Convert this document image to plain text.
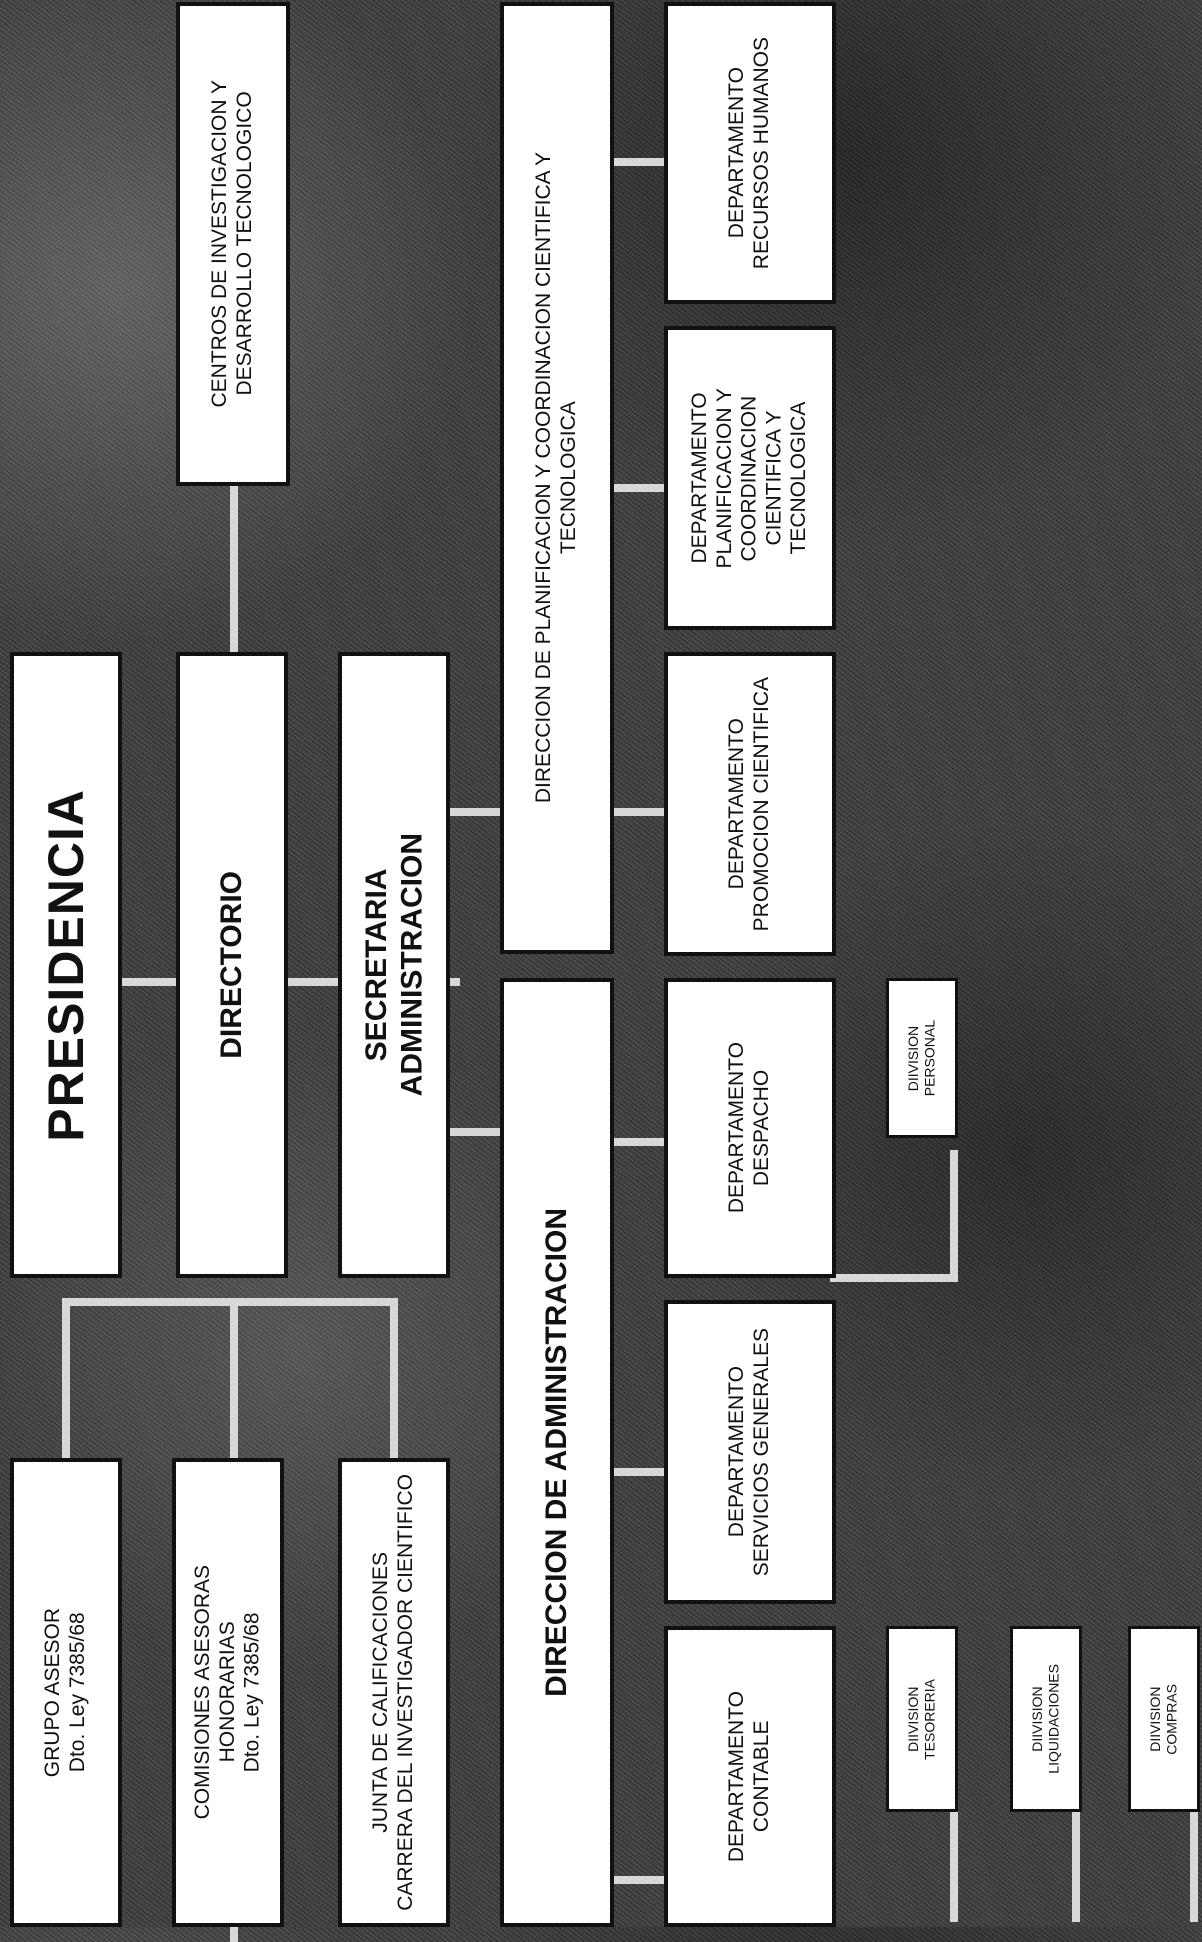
GRUPO ASESOR
Dto. Ley 7385/68
COMISIONES ASESORAS
HONORARIAS
Dto. Ley 7385/68
JUNTA DE CALIFICACIONES
CARRERA DEL INVESTIGADOR CIENTIFICO
PRESIDENCIA	DIRECTORIO	SECRETARIA
ADMINISTRACION
CENTROS DE INVESTIGACION Y
DESARROLLO TECNOLOGICO
DIRECCION DE ADMINISTRACION
DIRECCION DE PLANIFICACION Y COORDINACION CIENTIFICA Y
TECNOLOGICA
DEPARTAMENTO
CONTABLE
DEPARTAMENTO
SERVICIOS GENERALES
DEPARTAMENTO
DESPACHO
DEPARTAMENTO
PROMOCION CIENTIFICA
DEPARTAMENTO
PLANIFICACION Y
COORDINACION
CIENTIFICA Y
TECNOLOGICA
DEPARTAMENTO
RECURSOS HUMANOS
DIIVISION
TESORERIA	DIIVISION
LIQUIDACIONES	DIIVISION
COMPRAS
DIIVISION
PERSONAL
